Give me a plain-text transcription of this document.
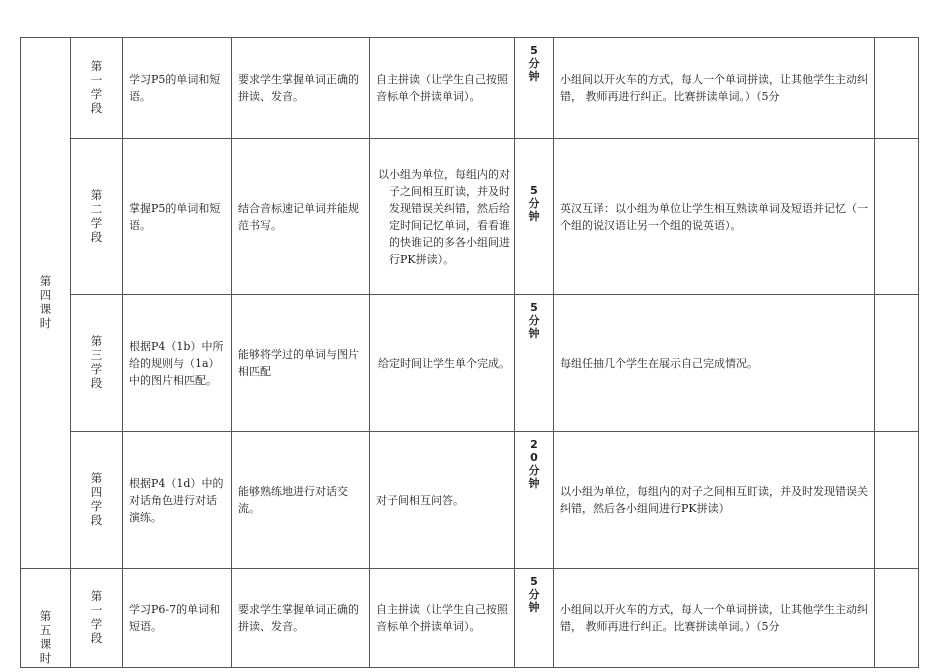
第四课时	第一学段	学习P5的单词和短语。	要求学生掌握单词正确的拼读、发音。	自主拼读（让学生自己按照音标单个拼读单词）。	5分钟	小组间以开火车的方式，每人一个单词拼读，让其他学生主动纠错， 教师再进行纠正。比赛拼读单词。）（5分	
	第二学段	掌握P5的单词和短语。	结合音标速记单词并能规范书写。	以小组为单位，每组内的对子之间相互盯读，并及时发现错误关纠错，然后给定时间记忆单词，看看谁的快谁记的多各小组间进行PK拼读）。	5分钟	英汉互译：以小组为单位让学生相互熟读单词及短语并记忆（一个组的说汉语让另一个组的说英语）。	
	第三学段	根据P4（1b）中所给的规则与（1a）中的图片相匹配。	能够将学过的单词与图片相匹配	给定时间让学生单个完成。	5分钟	每组任抽几个学生在展示自己完成情况。	
	第四学段	根据P4（1d）中的对话角色进行对话演练。	能够熟练地进行对话交流。	对子间相互问答。	20分钟	以小组为单位，每组内的对子之间相互盯读，并及时发现错误关纠错，然后各小组间进行PK拼读）	
第五课时	第一学段	学习P6-7的单词和短语。	要求学生掌握单词正确的拼读、发音。	自主拼读（让学生自己按照音标单个拼读单词）。	5分钟	小组间以开火车的方式，每人一个单词拼读，让其他学生主动纠错， 教师再进行纠正。比赛拼读单词。）（5分	
